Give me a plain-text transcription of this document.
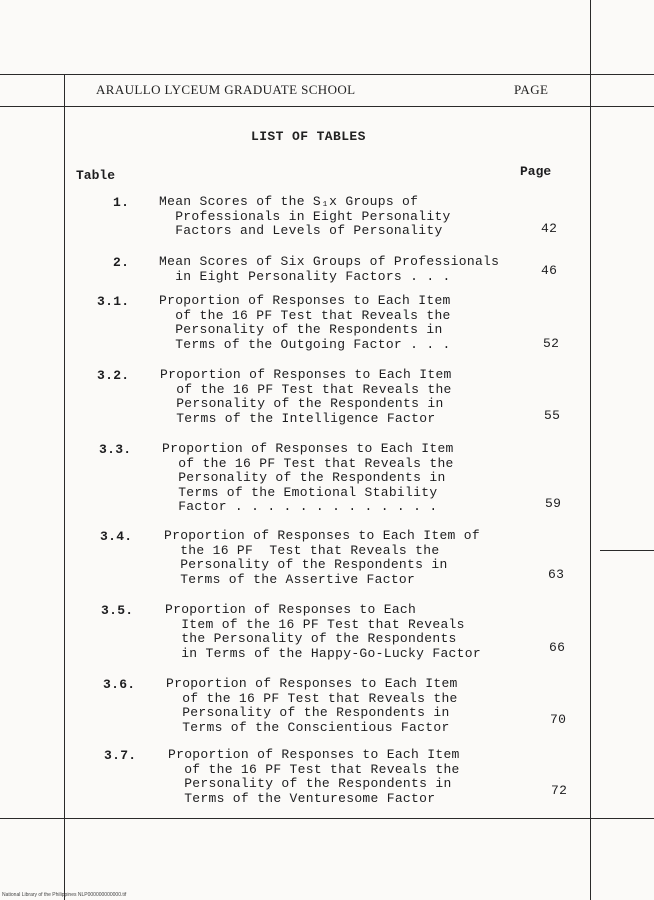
ARAULLO LYCEUM GRADUATE SCHOOL	PAGE
LIST OF TABLES
Table	Page
1. Mean Scores of the S₁x Groups of
Professionals in Eight Personality
Factors and Levels of Personality	42
2. Mean Scores of Six Groups of Professionals
in Eight Personality Factors . . .	46
3.1. Proportion of Responses to Each Item
of the 16 PF Test that Reveals the
Personality of the Respondents in
Terms of the Outgoing Factor . . .	52
3.2. Proportion of Responses to Each Item
of the 16 PF Test that Reveals the
Personality of the Respondents in
Terms of the Intelligence Factor	55
3.3. Proportion of Responses to Each Item
of the 16 PF Test that Reveals the
Personality of the Respondents in
Terms of the Emotional Stability
Factor . . . . . . . . . . . . .	59
3.4. Proportion of Responses to Each Item of
the 16 PF  Test that Reveals the
Personality of the Respondents in
Terms of the Assertive Factor	63
3.5. Proportion of Responses to Each
Item of the 16 PF Test that Reveals
the Personality of the Respondents
in Terms of the Happy-Go-Lucky Factor	66
3.6. Proportion of Responses to Each Item
of the 16 PF Test that Reveals the
Personality of the Respondents in
Terms of the Conscientious Factor	70
3.7. Proportion of Responses to Each Item
of the 16 PF Test that Reveals the
Personality of the Respondents in
Terms of the Venturesome Factor	72
National Library of the Philippines NLP000000000000.tif
